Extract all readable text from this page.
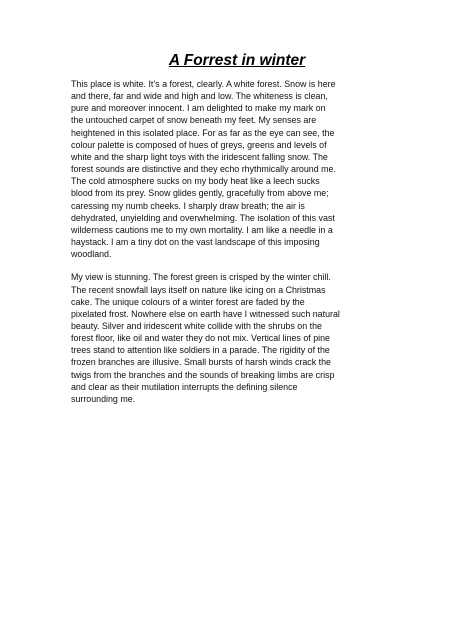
A Forrest in winter

This place is white. It’s a forest, clearly. A white forest. Snow is here
and there, far and wide and high and low. The whiteness is clean,
pure and moreover innocent. I am delighted to make my mark on
the untouched carpet of snow beneath my feet. My senses are
heightened in this isolated place. For as far as the eye can see, the
colour palette is composed of hues of greys, greens and levels of
white and the sharp light toys with the iridescent falling snow. The
forest sounds are distinctive and they echo rhythmically around me.
The cold atmosphere sucks on my body heat like a leech sucks
blood from its prey. Snow glides gently, gracefully from above me;
caressing my numb cheeks. I sharply draw breath; the air is
dehydrated, unyielding and overwhelming. The isolation of this vast
wilderness cautions me to my own mortality. I am like a needle in a
haystack. I am a tiny dot on the vast landscape of this imposing
woodland.

My view is stunning. The forest green is crisped by the winter chill.
The recent snowfall lays itself on nature like icing on a Christmas
cake. The unique colours of a winter forest are faded by the
pixelated frost. Nowhere else on earth have I witnessed such natural
beauty. Silver and iridescent white collide with the shrubs on the
forest floor, like oil and water they do not mix. Vertical lines of pine
trees stand to attention like soldiers in a parade. The rigidity of the
frozen branches are illusive. Small bursts of harsh winds crack the
twigs from the branches and the sounds of breaking limbs are crisp
and clear as their mutilation interrupts the defining silence
surrounding me.
